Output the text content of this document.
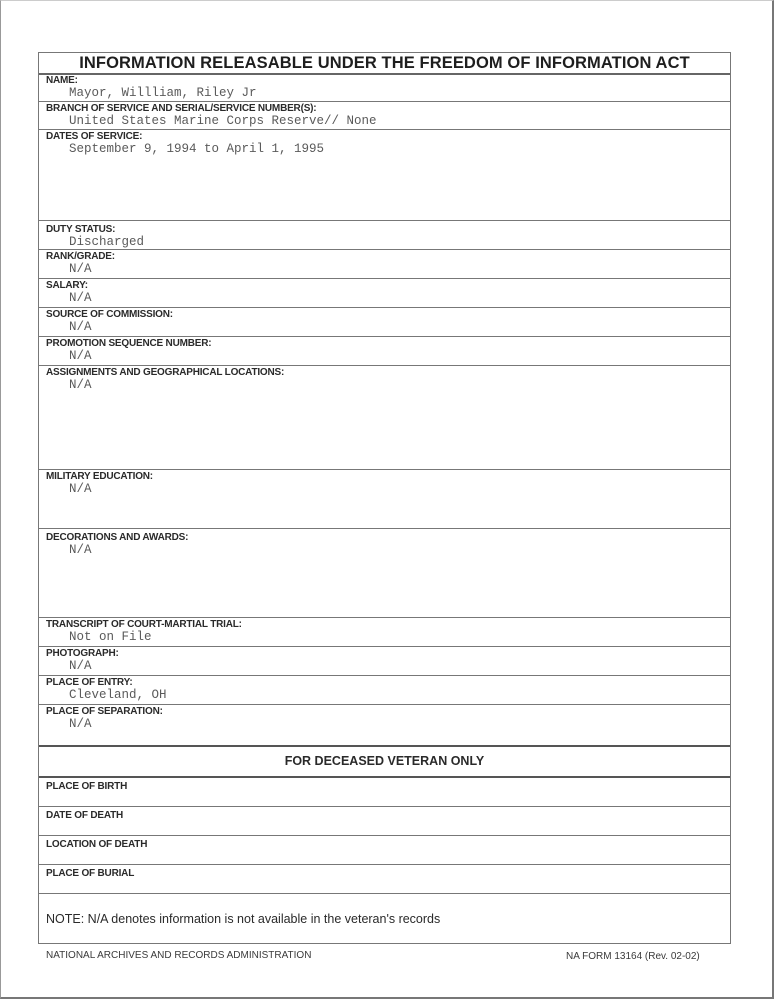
INFORMATION RELEASABLE UNDER THE FREEDOM OF INFORMATION ACT
NAME:
Mayor, Willliam, Riley Jr
BRANCH OF SERVICE AND SERIAL/SERVICE NUMBER(S):
United States Marine Corps Reserve// None
DATES OF SERVICE:
September 9, 1994 to April 1, 1995
DUTY STATUS:
Discharged
RANK/GRADE:
N/A
SALARY:
N/A
SOURCE OF COMMISSION:
N/A
PROMOTION SEQUENCE NUMBER:
N/A
ASSIGNMENTS AND GEOGRAPHICAL LOCATIONS:
N/A
MILITARY EDUCATION:
N/A
DECORATIONS AND AWARDS:
N/A
TRANSCRIPT OF COURT-MARTIAL TRIAL:
Not on File
PHOTOGRAPH:
N/A
PLACE OF ENTRY:
Cleveland, OH
PLACE OF SEPARATION:
N/A
FOR DECEASED VETERAN ONLY
PLACE OF BIRTH
DATE OF DEATH
LOCATION OF DEATH
PLACE OF BURIAL
NOTE: N/A denotes information is not available in the veteran's records
NATIONAL ARCHIVES AND RECORDS ADMINISTRATION	NA FORM 13164 (Rev. 02-02)
